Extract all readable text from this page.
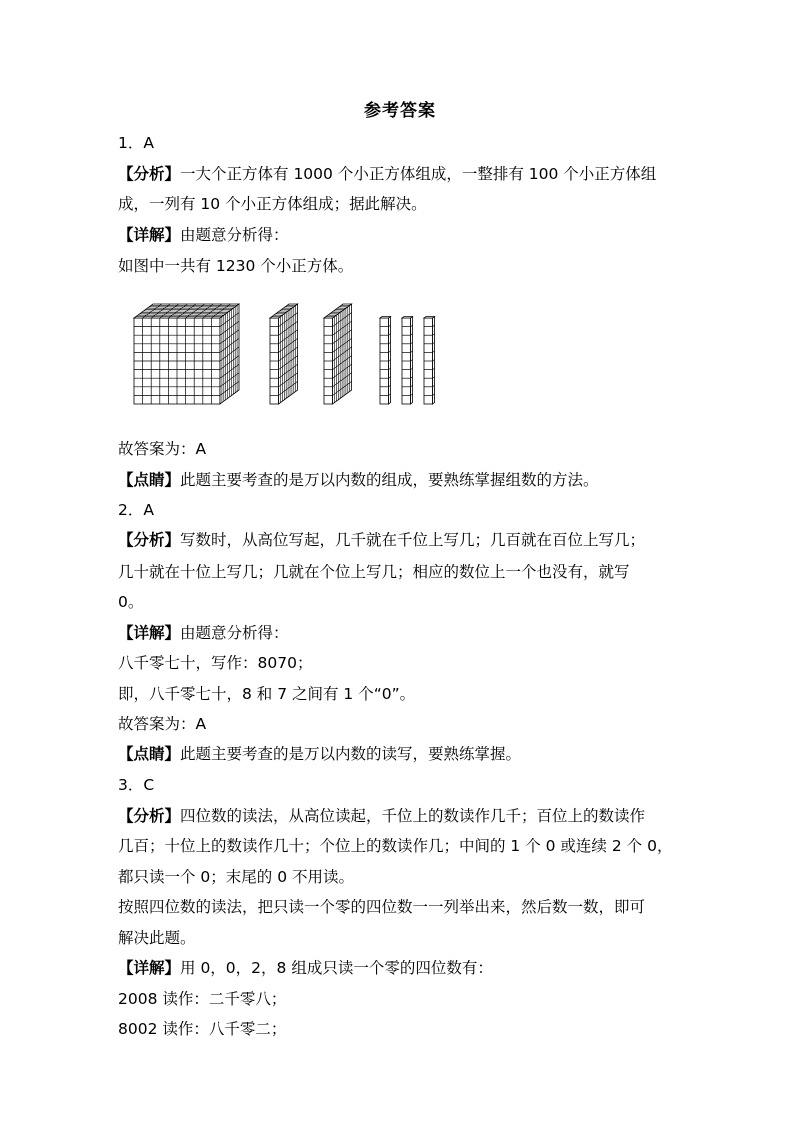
参考答案
1．A
【分析】一大个正方体有 1000 个小正方体组成，一整排有 100 个小正方体组
成，一列有 10 个小正方体组成；据此解决。
【详解】由题意分析得：
如图中一共有 1230 个小正方体。
故答案为：A
【点睛】此题主要考查的是万以内数的组成，要熟练掌握组数的方法。
2．A
【分析】写数时，从高位写起，几千就在千位上写几；几百就在百位上写几；
几十就在十位上写几；几就在个位上写几；相应的数位上一个也没有，就写
0。
【详解】由题意分析得：
八千零七十，写作：8070；
即，八千零七十，8 和 7 之间有 1 个“0”。
故答案为：A
【点睛】此题主要考查的是万以内数的读写，要熟练掌握。
3．C
【分析】四位数的读法，从高位读起，千位上的数读作几千；百位上的数读作
几百；十位上的数读作几十；个位上的数读作几；中间的 1 个 0 或连续 2 个 0，
都只读一个 0；末尾的 0 不用读。
按照四位数的读法，把只读一个零的四位数一一列举出来，然后数一数，即可
解决此题。
【详解】用 0，0，2，8 组成只读一个零的四位数有：
2008 读作：二千零八；
8002 读作：八千零二；
